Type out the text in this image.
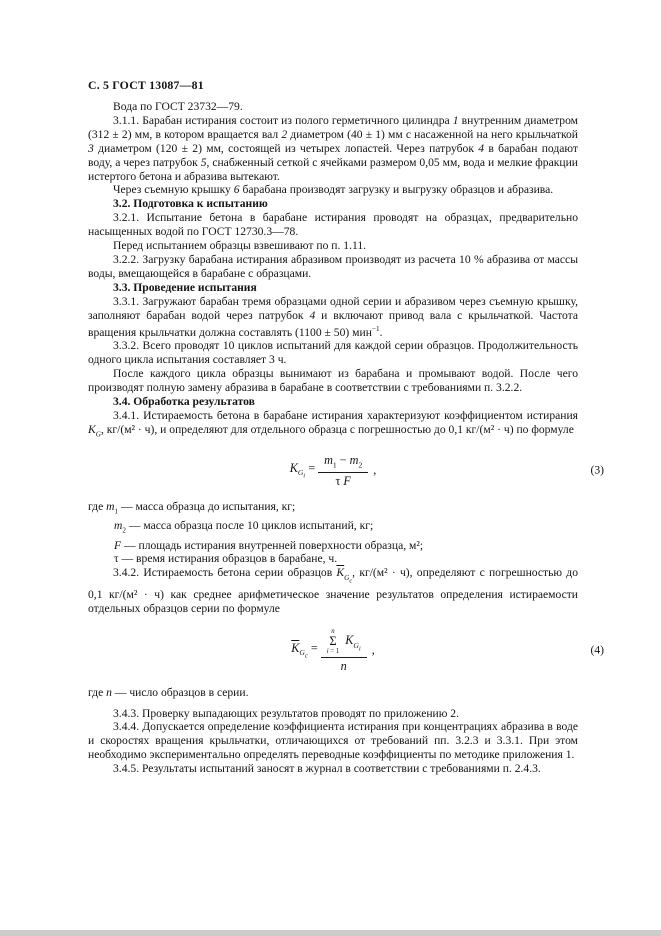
С. 5 ГОСТ 13087—81

Вода по ГОСТ 23732—79.

3.1.1. Барабан истирания состоит из полого герметичного цилиндра 1 внутренним диаметром (312 ± 2) мм, в котором вращается вал 2 диаметром (40 ± 1) мм с насаженной на него крыльчаткой 3 диаметром (120 ± 2) мм, состоящей из четырех лопастей. Через патрубок 4 в барабан подают воду, а через патрубок 5, снабженный сеткой с ячейками размером 0,05 мм, вода и мелкие фракции истертого бетона и абразива вытекают.

Через съемную крышку 6 барабана производят загрузку и выгрузку образцов и абразива.

3.2. Подготовка к испытанию

3.2.1. Испытание бетона в барабане истирания проводят на образцах, предварительно насыщенных водой по ГОСТ 12730.3—78.

Перед испытанием образцы взвешивают по п. 1.11.

3.2.2. Загрузку барабана истирания абразивом производят из расчета 10 % абразива от массы воды, вмещающейся в барабане с образцами.

3.3. Проведение испытания

3.3.1. Загружают барабан тремя образцами одной серии и абразивом через съемную крышку, заполняют барабан водой через патрубок 4 и включают привод вала с крыльчаткой. Частота вращения крыльчатки должна составлять (1100 ± 50) мин$^{-1}$.

3.3.2. Всего проводят 10 циклов испытаний для каждой серии образцов. Продолжительность одного цикла испытания составляет 3 ч.

После каждого цикла образцы вынимают из барабана и промывают водой. После чего производят полную замену абразива в барабане в соответствии с требованиями п. 3.2.2.

3.4. Обработка результатов

3.4.1. Истираемость бетона в барабане истирания характеризуют коэффициентом истирания $K_G$, кг/(м² · ч), и определяют для отдельного образца с погрешностью до 0,1 кг/(м² · ч) по формуле

$K_{G_i} = \frac{m_1 - m_2}{\text{τ F}}$ ,	(3)

где $m_1$ — масса образца до испытания, кг;

$m_2$ — масса образца после 10 циклов испытаний, кг;

F — площадь истирания внутренней поверхности образца, м²;

τ — время истирания образцов в барабане, ч.

3.4.2. Истираемость бетона серии образцов $\overline{K}_{G_c}$, кг/(м² · ч), определяют с погрешностью до 0,1 кг/(м² · ч) как среднее арифметическое значение результатов определения истираемости отдельных образцов серии по формуле

$\overline{K}_{G_c} = n$
Σ
i = 1
$K_{G_i}$
n ,	(4)

где n — число образцов в серии.

3.4.3. Проверку выпадающих результатов проводят по приложению 2.

3.4.4. Допускается определение коэффициента истирания при концентрациях абразива в воде и скоростях вращения крыльчатки, отличающихся от требований пп. 3.2.3 и 3.3.1. При этом необходимо экспериментально определять переводные коэффициенты по методике приложения 1.

3.4.5. Результаты испытаний заносят в журнал в соответствии с требованиями п. 2.4.3.
